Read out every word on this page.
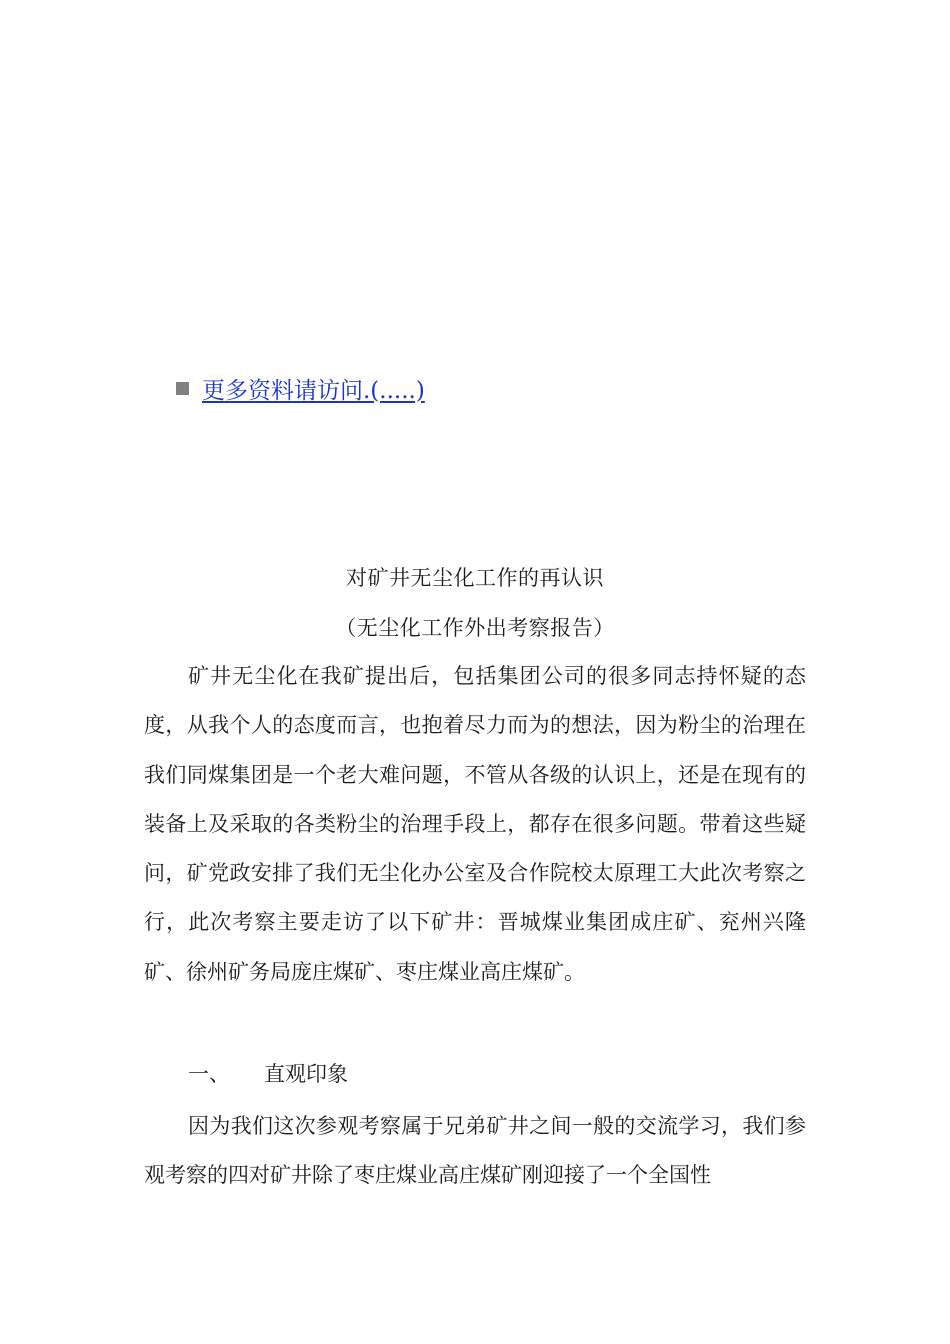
更多资料请访问.(.....)
对矿井无尘化工作的再认识
（无尘化工作外出考察报告）

矿井无尘化在我矿提出后，包括集团公司的很多同志持怀疑的态度，从我个人的态度而言，也抱着尽力而为的想法，因为粉尘的治理在我们同煤集团是一个老大难问题，不管从各级的认识上，还是在现有的装备上及采取的各类粉尘的治理手段上，都存在很多问题。带着这些疑问，矿党政安排了我们无尘化办公室及合作院校太原理工大此次考察之行，此次考察主要走访了以下矿井：晋城煤业集团成庄矿、兖州兴隆矿、徐州矿务局庞庄煤矿、枣庄煤业高庄煤矿。

一、 直观印象

因为我们这次参观考察属于兄弟矿井之间一般的交流学习，我们参观考察的四对矿井除了枣庄煤业高庄煤矿刚迎接了一个全国性
